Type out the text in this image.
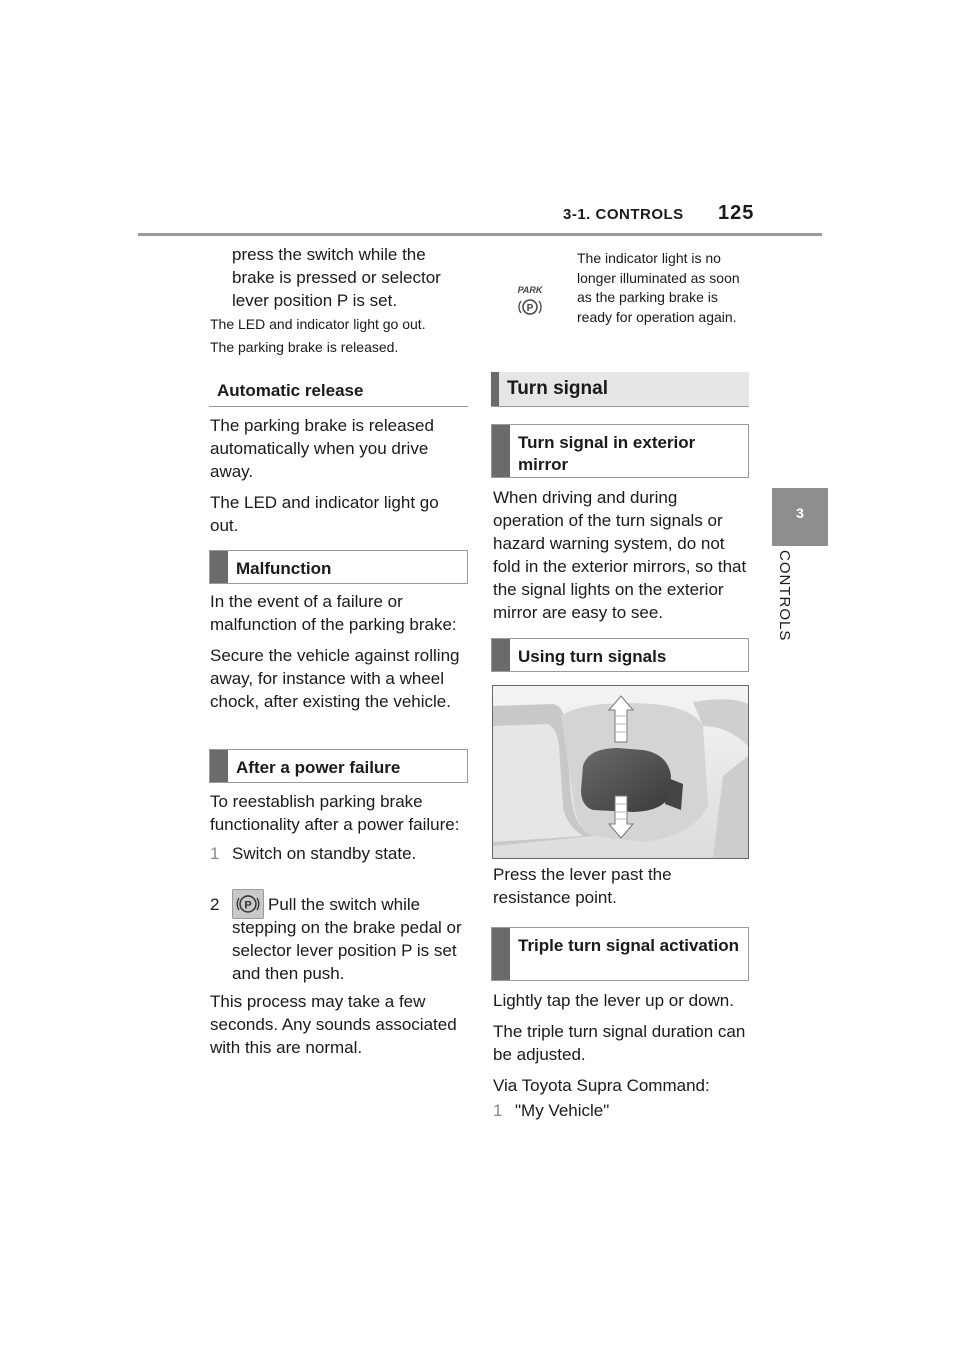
3-1. CONTROLS 125
3
CONTROLS
press the switch while the brake is pressed or selector lever position P is set.
The LED and indicator light go out.
The parking brake is released.
Automatic release

The parking brake is released automatically when you drive away.

The LED and indicator light go out.

Malfunction

In the event of a failure or malfunction of the parking brake:

Secure the vehicle against rolling away, for instance with a wheel chock, after existing the vehicle.

After a power failure

To reestablish parking brake functionality after a power failure:

1 Switch on standby state.

2 P Pull the switch while stepping on the brake pedal or selector lever position P is set and then push.
This process may take a few seconds. Any sounds associated with this are normal.
PARK
P
The indicator light is no longer illuminated as soon as the parking brake is ready for operation again.
Turn signal
Turn signal in exterior mirror
When driving and during operation of the turn signals or hazard warning system, do not fold in the exterior mirrors, so that the signal lights on the exterior mirror are easy to see.
Using turn signals
Press the lever past the resistance point.
Triple turn signal activation

Lightly tap the lever up or down.

The triple turn signal duration can be adjusted.

Via Toyota Supra Command:

1 "My Vehicle"
